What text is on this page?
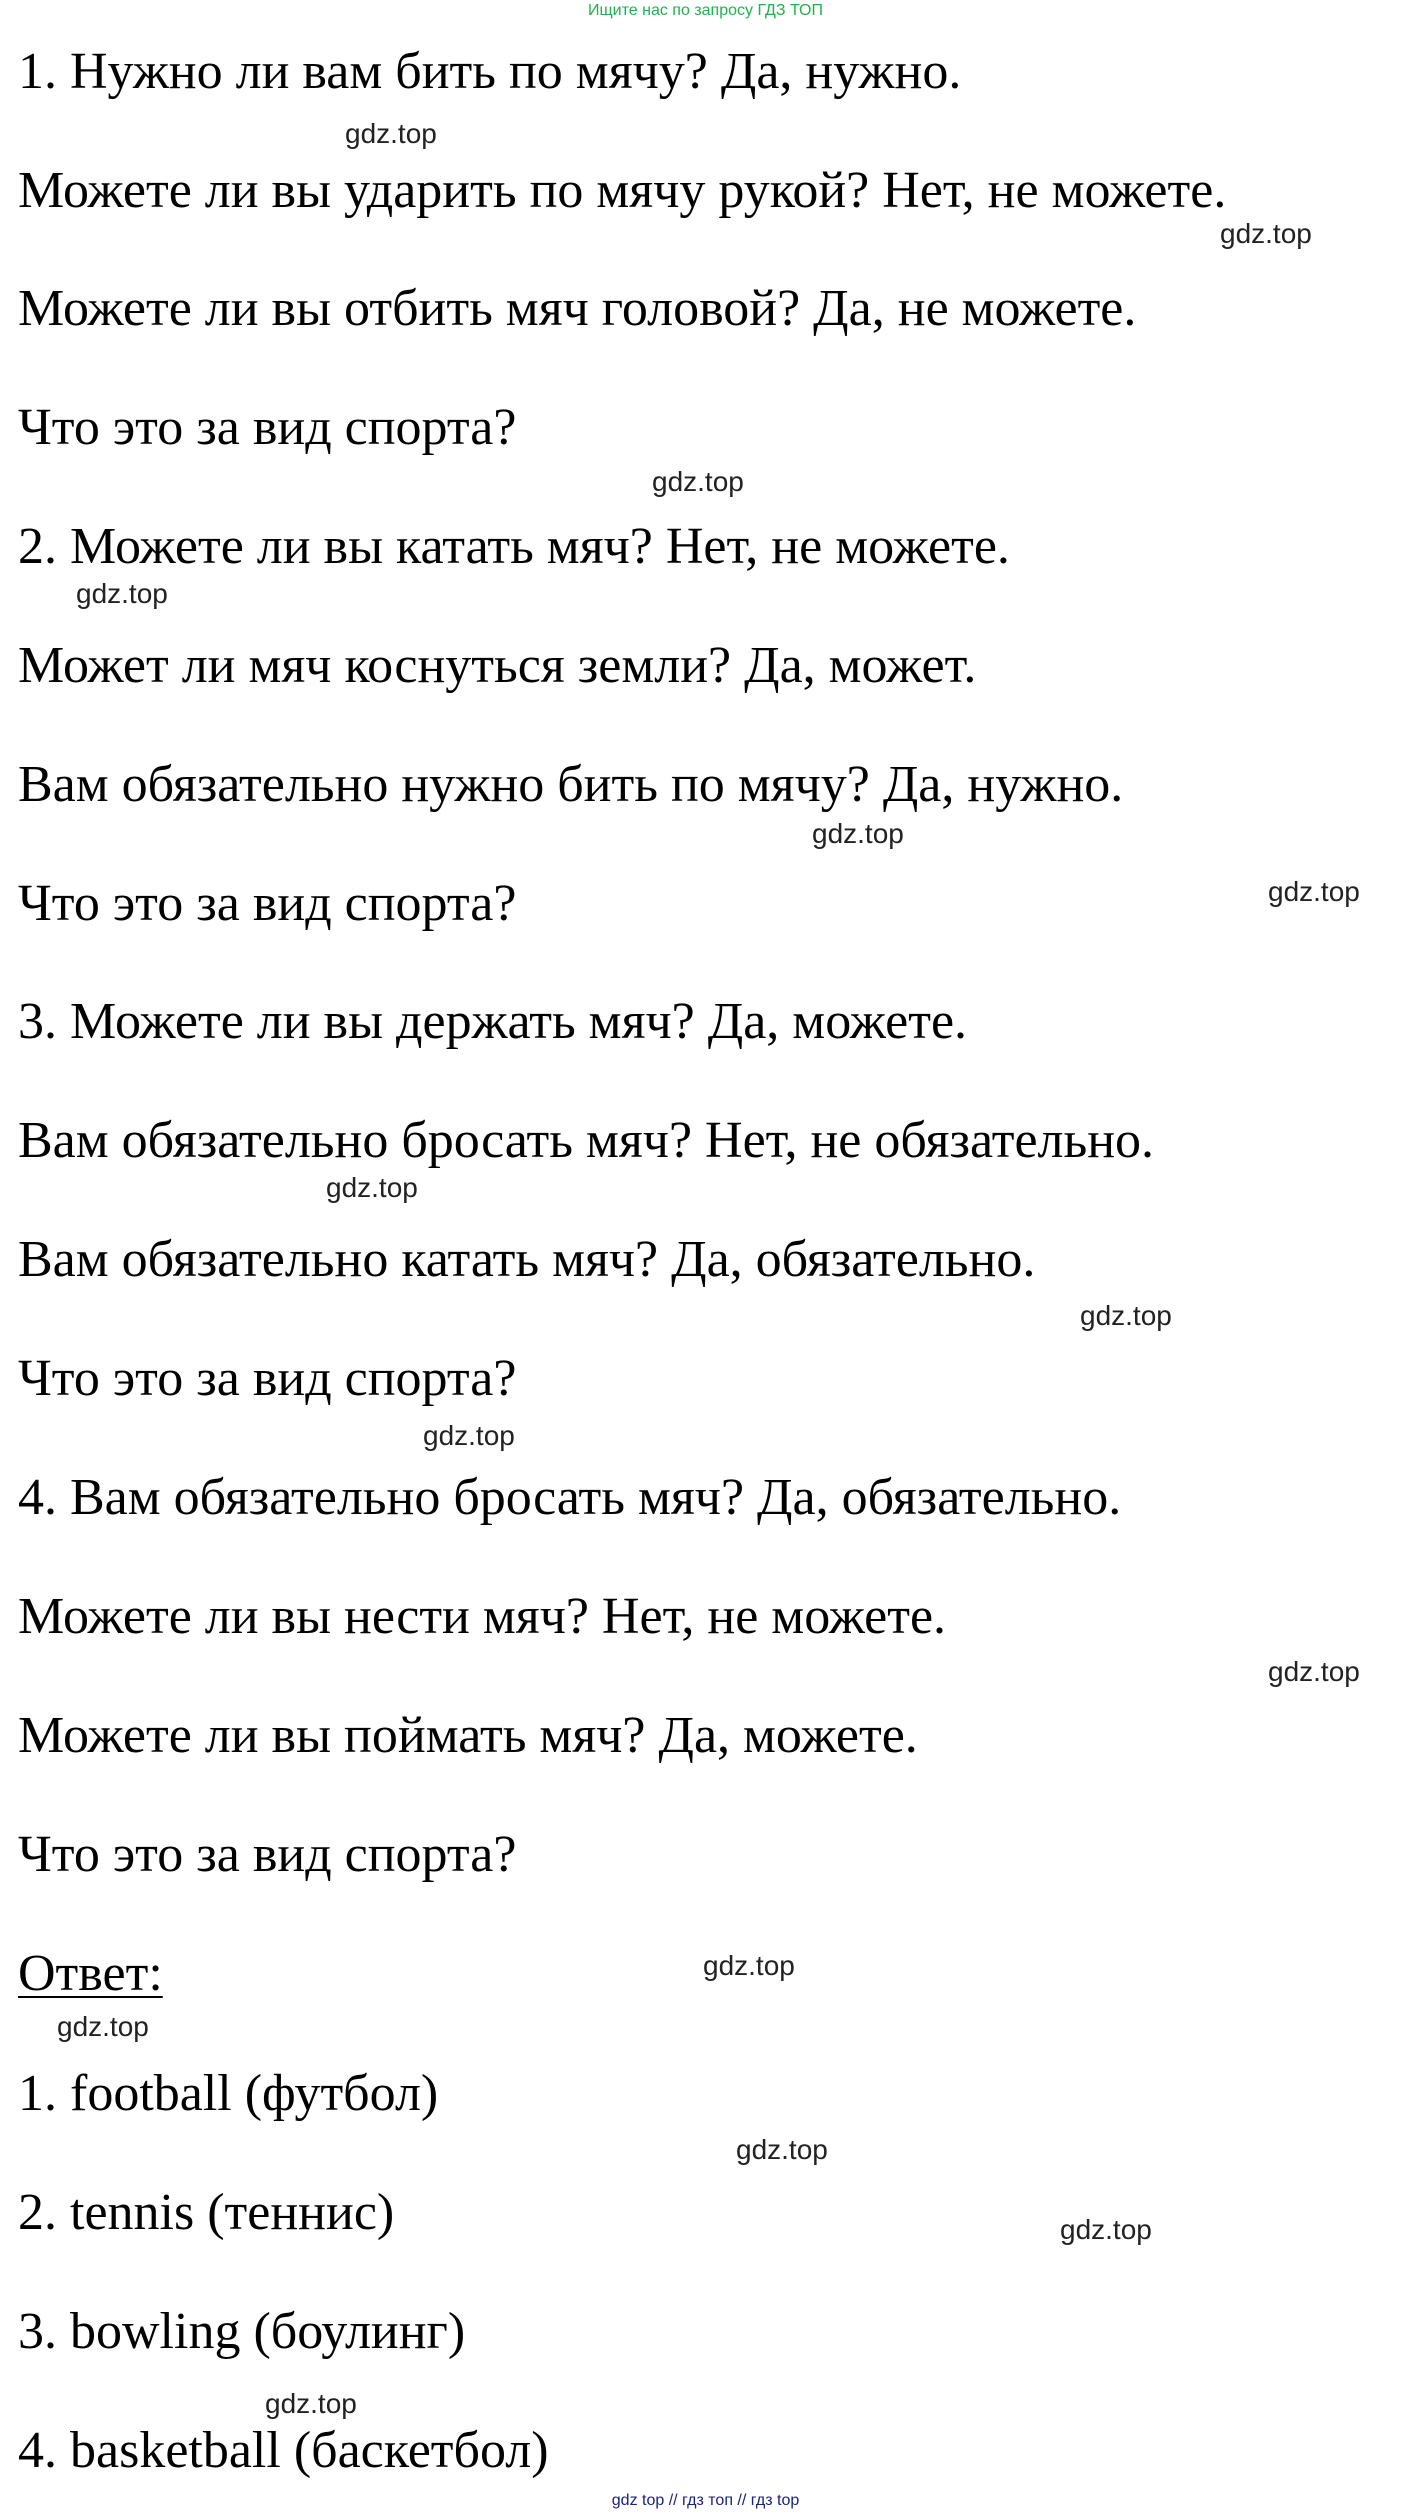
Ищите нас по запросу ГДЗ ТОП
1. Нужно ли вам бить по мячу? Да, нужно.
Можете ли вы ударить по мячу рукой? Нет, не можете.
Можете ли вы отбить мяч головой? Да, не можете.
Что это за вид спорта?
2. Можете ли вы катать мяч? Нет, не можете.
Может ли мяч коснуться земли? Да, может.
Вам обязательно нужно бить по мячу? Да, нужно.
Что это за вид спорта?
3. Можете ли вы держать мяч? Да, можете.
Вам обязательно бросать мяч? Нет, не обязательно.
Вам обязательно катать мяч? Да, обязательно.
Что это за вид спорта?
4. Вам обязательно бросать мяч? Да, обязательно.
Можете ли вы нести мяч? Нет, не можете.
Можете ли вы поймать мяч? Да, можете.
Что это за вид спорта?
Ответ:
1. football (футбол)
2. tennis (теннис)
3. bowling (боулинг)
4. basketball (баскетбол)
gdz.top
gdz.top
gdz.top
gdz.top
gdz.top
gdz.top
gdz.top
gdz.top
gdz.top
gdz.top
gdz.top
gdz.top
gdz.top
gdz.top
gdz.top
gdz top // гдз топ // гдз top
